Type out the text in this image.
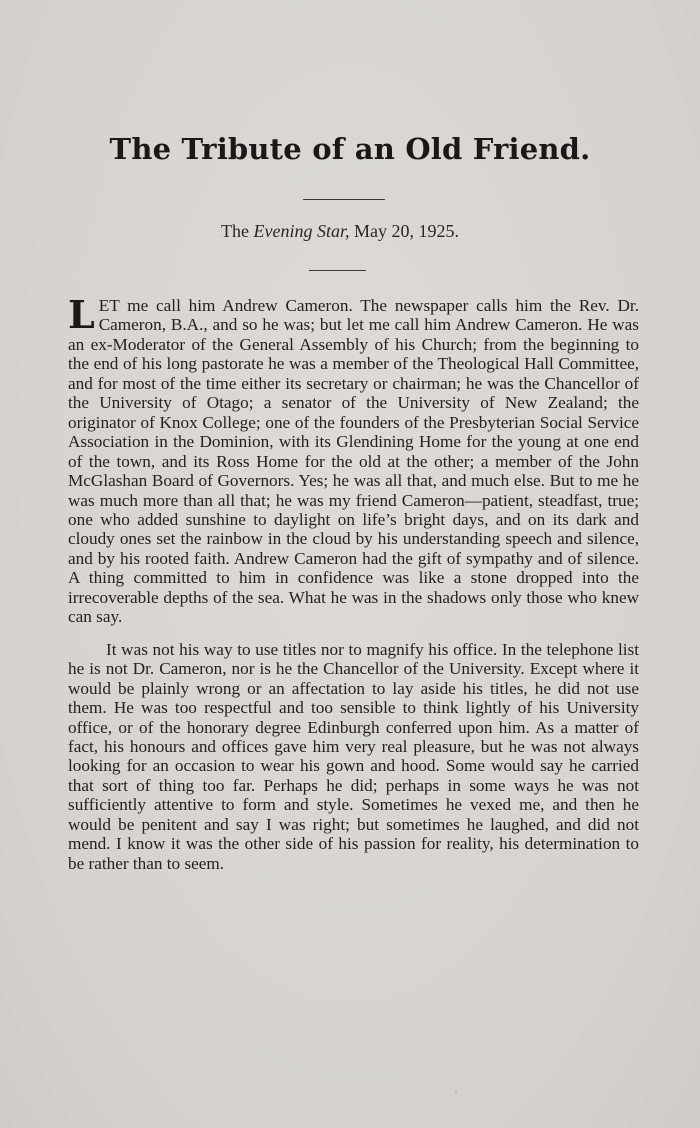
The Tribute of an Old Friend.
The Evening Star, May 20, 1925.

LET me call him Andrew Cameron. The newspaper calls him the Rev. Dr. Cameron, B.A., and so he was; but let me call him Andrew Cameron. He was an ex-Moderator of the General Assembly of his Church; from the beginning to the end of his long pastorate he was a member of the Theological Hall Committee, and for most of the time either its secretary or chairman; he was the Chancellor of the University of Otago; a senator of the University of New Zealand; the originator of Knox College; one of the founders of the Presbyterian Social Service Association in the Dominion, with its Glendining Home for the young at one end of the town, and its Ross Home for the old at the other; a member of the John McGlashan Board of Governors. Yes; he was all that, and much else. But to me he was much more than all that; he was my friend Cameron—patient, steadfast, true; one who added sunshine to daylight on life’s bright days, and on its dark and cloudy ones set the rainbow in the cloud by his understanding speech and silence, and by his rooted faith. Andrew Cameron had the gift of sympathy and of silence. A thing committed to him in confidence was like a stone dropped into the irrecoverable depths of the sea. What he was in the shadows only those who knew can say.

It was not his way to use titles nor to magnify his office. In the telephone list he is not Dr. Cameron, nor is he the Chancellor of the University. Except where it would be plainly wrong or an affectation to lay aside his titles, he did not use them. He was too respectful and too sensible to think lightly of his University office, or of the honorary degree Edinburgh conferred upon him. As a matter of fact, his honours and offices gave him very real pleasure, but he was not always looking for an occasion to wear his gown and hood. Some would say he carried that sort of thing too far. Perhaps he did; perhaps in some ways he was not sufficiently attentive to form and style. Sometimes he vexed me, and then he would be penitent and say I was right; but sometimes he laughed, and did not mend. I know it was the other side of his passion for reality, his determination to be rather than to seem.
